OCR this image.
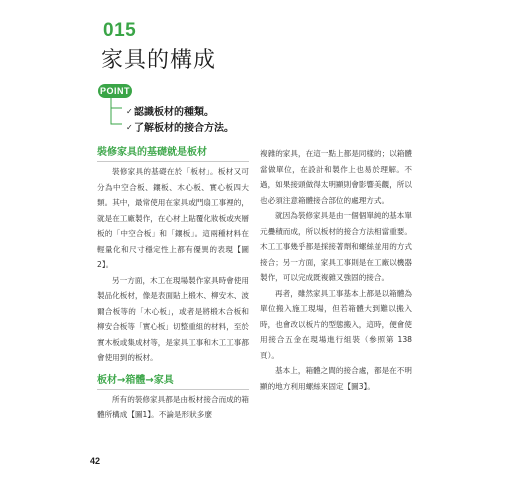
015
家具的構成
POINT
✓認識板材的種類。
✓了解板材的接合方法。
裝修家具的基礎就是板材

裝修家具的基礎在於「板材」。板材又可分為中空合板、鑲板、木心板、實心板四大類。其中，最常使用在家具或門扇工事裡的，就是在工廠製作，在心材上貼覆化妝板或夾層板的「中空合板」和「鑲板」。這兩種材料在輕量化和尺寸穩定性上都有優異的表現【圖2】。

另一方面，木工在現場製作家具時會使用製品化板材，像是表面貼上椴木、柳安木、波爾合板等的「木心板」，或者是將椴木合板和柳安合板等「實心板」切整重組的材料，至於實木板或集成材等，是家具工事和木工工事都會使用到的板材。

板材→箱體→家具

所有的裝修家具都是由板材接合而成的箱體所構成【圖1】。不論是形狀多麼

複雜的家具，在這一點上都是同樣的；以箱體當做單位，在設計和製作上也易於理解。不過，如果接頭做得太明顯則會影響美觀，所以也必須注意箱體接合部位的處理方式。

就因為裝修家具是由一個個單純的基本單元疊積而成，所以板材的接合方法相當重要。木工工事幾乎都是採接著劑和螺絲並用的方式接合；另一方面，家具工事則是在工廠以機器製作，可以完成既複雜又強固的接合。

再者，雖然家具工事基本上都是以箱體為單位搬入施工現場，但若箱體大到難以搬入時，也會改以板片的型態搬入，這時，便會使用接合五金在現場進行組裝（參照第 138 頁）。

基本上，箱體之間的接合處，都是在不明顯的地方利用螺絲來固定【圖3】。

42
